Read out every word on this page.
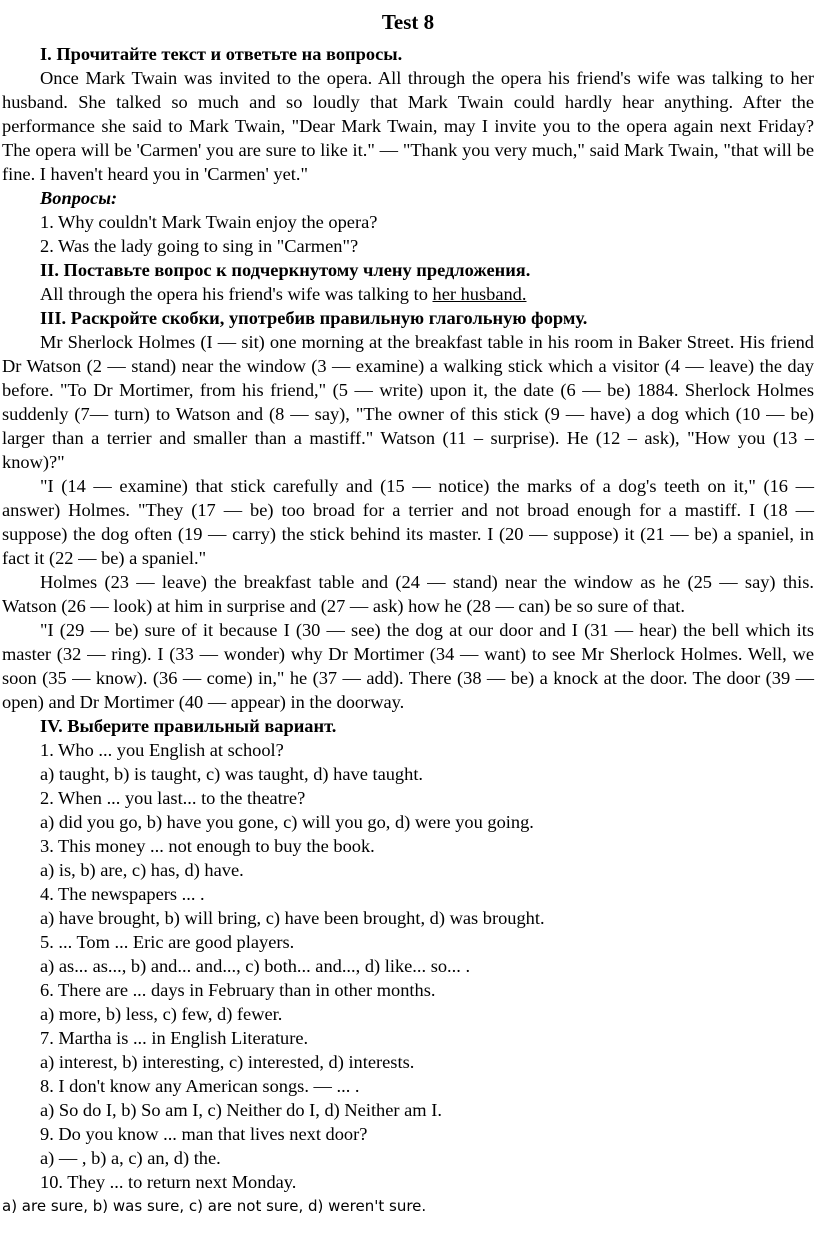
Test 8

I. Прочитайте текст и ответьте на вопросы.

Once Mark Twain was invited to the opera. All through the opera his friend's wife was talking to her husband. She talked so much and so loudly that Mark Twain could hardly hear anything. After the performance she said to Mark Twain, "Dear Mark Twain, may I invite you to the opera again next Friday? The opera will be 'Carmen' you are sure to like it." — "Thank you very much," said Mark Twain, "that will be fine. I haven't heard you in 'Carmen' yet."

Вопросы:

1. Why couldn't Mark Twain enjoy the opera?

2. Was the lady going to sing in "Carmen"?

II. Поставьте вопрос к подчеркнутому члену предложения.

All through the opera his friend's wife was talking to her husband.

III. Раскройте скобки, употребив правильную глагольную форму.

Mr Sherlock Holmes (I — sit) one morning at the breakfast table in his room in Baker Street. His friend Dr Watson (2 — stand) near the window (3 — examine) a walking stick which a visitor (4 — leave) the day before. "To Dr Mortimer, from his friend," (5 — write) upon it, the date (6 — be) 1884. Sherlock Holmes suddenly (7— turn) to Watson and (8 — say), "The owner of this stick (9 — have) a dog which (10 — be) larger than a terrier and smaller than a mastiff." Watson (11 – surprise). He (12 – ask), "How you (13 – know)?"

"I (14 — examine) that stick carefully and (15 — notice) the marks of a dog's teeth on it," (16 — answer) Holmes. "They (17 — be) too broad for a terrier and not broad enough for a mastiff. I (18 — suppose) the dog often (19 — carry) the stick behind its master. I (20 — suppose) it (21 — be) a spaniel, in fact it (22 — be) a spaniel."

Holmes (23 — leave) the breakfast table and (24 — stand) near the window as he (25 — say) this. Watson (26 — look) at him in surprise and (27 — ask) how he (28 — can) be so sure of that.

"I (29 — be) sure of it because I (30 — see) the dog at our door and I (31 — hear) the bell which its master (32 — ring). I (33 — wonder) why Dr Mortimer (34 — want) to see Mr Sherlock Holmes. Well, we soon (35 — know). (36 — come) in," he (37 — add). There (38 — be) a knock at the door. The door (39 — open) and Dr Mortimer (40 — appear) in the doorway.

IV. Выберите правильный вариант.

1. Who ... you English at school?

a) taught, b) is taught, c) was taught, d) have taught.

2. When ... you last... to the theatre?

a) did you go, b) have you gone, c) will you go, d) were you going.

3. This money ... not enough to buy the book.

a) is, b) are, c) has, d) have.

4. The newspapers ... .

a) have brought, b) will bring, c) have been brought, d) was brought.

5. ... Tom ... Eric are good players.

a) as... as..., b) and... and..., c) both... and..., d) like... so... .

6. There are ... days in February than in other months.

a) more, b) less, c) few, d) fewer.

7. Martha is ... in English Literature.

a) interest, b) interesting, c) interested, d) interests.

8. I don't know any American songs. — ... .

a) So do I, b) So am I, c) Neither do I, d) Neither am I.

9. Do you know ... man that lives next door?

a) — , b) a, c) an, d) the.

10. They ... to return next Monday.

a) are sure, b) was sure, c) are not sure, d) weren't sure.
